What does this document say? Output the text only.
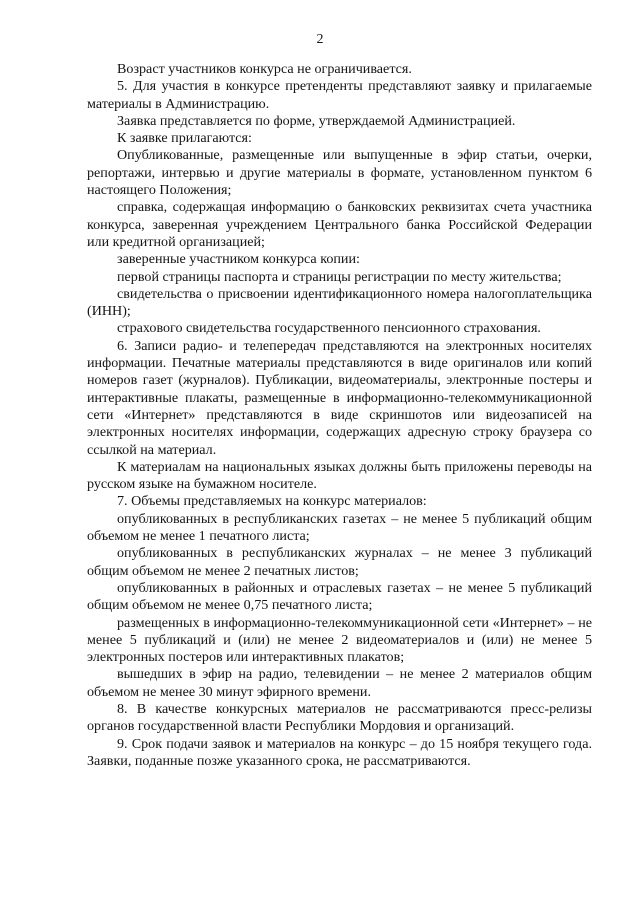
2

Возраст участников конкурса не ограничивается.

5. Для участия в конкурсе претенденты представляют заявку и прилагаемые материалы в Администрацию.

Заявка представляется по форме, утверждаемой Администрацией.

К заявке прилагаются:

Опубликованные, размещенные или выпущенные в эфир статьи, очерки, репортажи, интервью и другие материалы в формате, установленном пунктом 6 настоящего Положения;

справка, содержащая информацию о банковских реквизитах счета участника конкурса, заверенная учреждением Центрального банка Российской Федерации или кредитной организацией;

заверенные участником конкурса копии:

первой страницы паспорта и страницы регистрации по месту жительства;

свидетельства о присвоении идентификационного номера налогоплательщика (ИНН);

страхового свидетельства государственного пенсионного страхования.

6. Записи радио- и телепередач представляются на электронных носителях информации. Печатные материалы представляются в виде оригиналов или копий номеров газет (журналов). Публикации, видеоматериалы, электронные постеры и интерактивные плакаты, размещенные в информационно-телекоммуникационной сети «Интернет» представляются в виде скриншотов или видеозаписей на электронных носителях информации, содержащих адресную строку браузера со ссылкой на материал.

К материалам на национальных языках должны быть приложены переводы на русском языке на бумажном носителе.

7. Объемы представляемых на конкурс материалов:

опубликованных в республиканских газетах – не менее 5 публикаций общим объемом не менее 1 печатного листа;

опубликованных в республиканских журналах – не менее 3 публикаций общим объемом не менее 2 печатных листов;

опубликованных в районных и отраслевых газетах – не менее 5 публикаций общим объемом не менее 0,75 печатного листа;

размещенных в информационно-телекоммуникационной сети «Интернет» – не менее 5 публикаций и (или) не менее 2 видеоматериалов и (или) не менее 5 электронных постеров или интерактивных плакатов;

вышедших в эфир на радио, телевидении – не менее 2 материалов общим объемом не менее 30 минут эфирного времени.

8. В качестве конкурсных материалов не рассматриваются пресс-релизы органов государственной власти Республики Мордовия и организаций.

9. Срок подачи заявок и материалов на конкурс – до 15 ноября текущего года. Заявки, поданные позже указанного срока, не рассматриваются.
